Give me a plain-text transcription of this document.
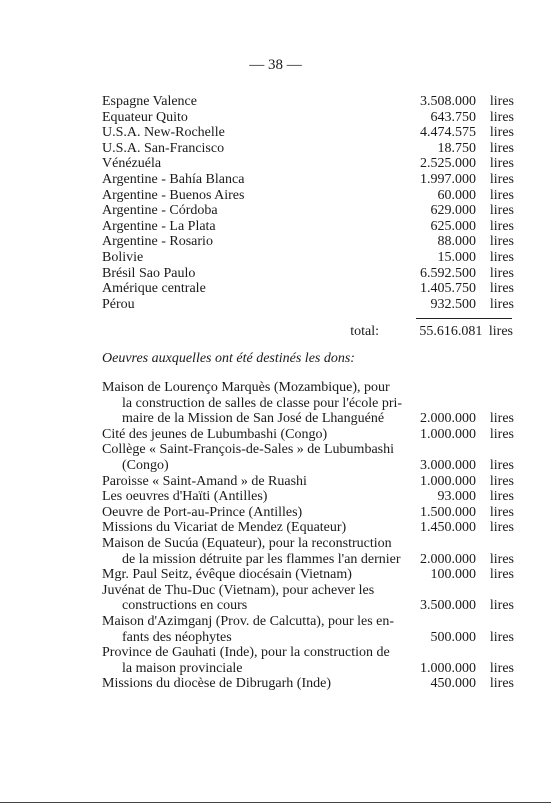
— 38 —
Espagne Valence	3.508.000 lires
Equateur Quito	643.750 lires
U.S.A. New-Rochelle	4.474.575 lires
U.S.A. San-Francisco	18.750 lires
Vénézuéla	2.525.000 lires
Argentine - Bahía Blanca	1.997.000 lires
Argentine - Buenos Aires	60.000 lires
Argentine - Córdoba	629.000 lires
Argentine - La Plata	625.000 lires
Argentine - Rosario	88.000 lires
Bolivie	15.000 lires
Brésil Sao Paulo	6.592.500 lires
Amérique centrale	1.405.750 lires
Pérou	932.500 lires
total:	55.616.081 lires
Oeuvres auxquelles ont été destinés les dons:
Maison de Lourenço Marquès (Mozambique), pour
la construction de salles de classe pour l'école pri-
maire de la Mission de San José de Lhanguéné	2.000.000 lires
Cité des jeunes de Lubumbashi (Congo)	1.000.000 lires
Collège « Saint-François-de-Sales » de Lubumbashi
(Congo)	3.000.000 lires
Paroisse « Saint-Amand » de Ruashi	1.000.000 lires
Les oeuvres d'Haïti (Antilles)	93.000 lires
Oeuvre de Port-au-Prince (Antilles)	1.500.000 lires
Missions du Vicariat de Mendez (Equateur)	1.450.000 lires
Maison de Sucúa (Equateur), pour la reconstruction
de la mission détruite par les flammes l'an dernier	2.000.000 lires
Mgr. Paul Seitz, évêque diocésain (Vietnam)	100.000 lires
Juvénat de Thu-Duc (Vietnam), pour achever les
constructions en cours	3.500.000 lires
Maison d'Azimganj (Prov. de Calcutta), pour les en-
fants des néophytes	500.000 lires
Province de Gauhati (Inde), pour la construction de
la maison provinciale	1.000.000 lires
Missions du diocèse de Dibrugarh (Inde)	450.000 lires
